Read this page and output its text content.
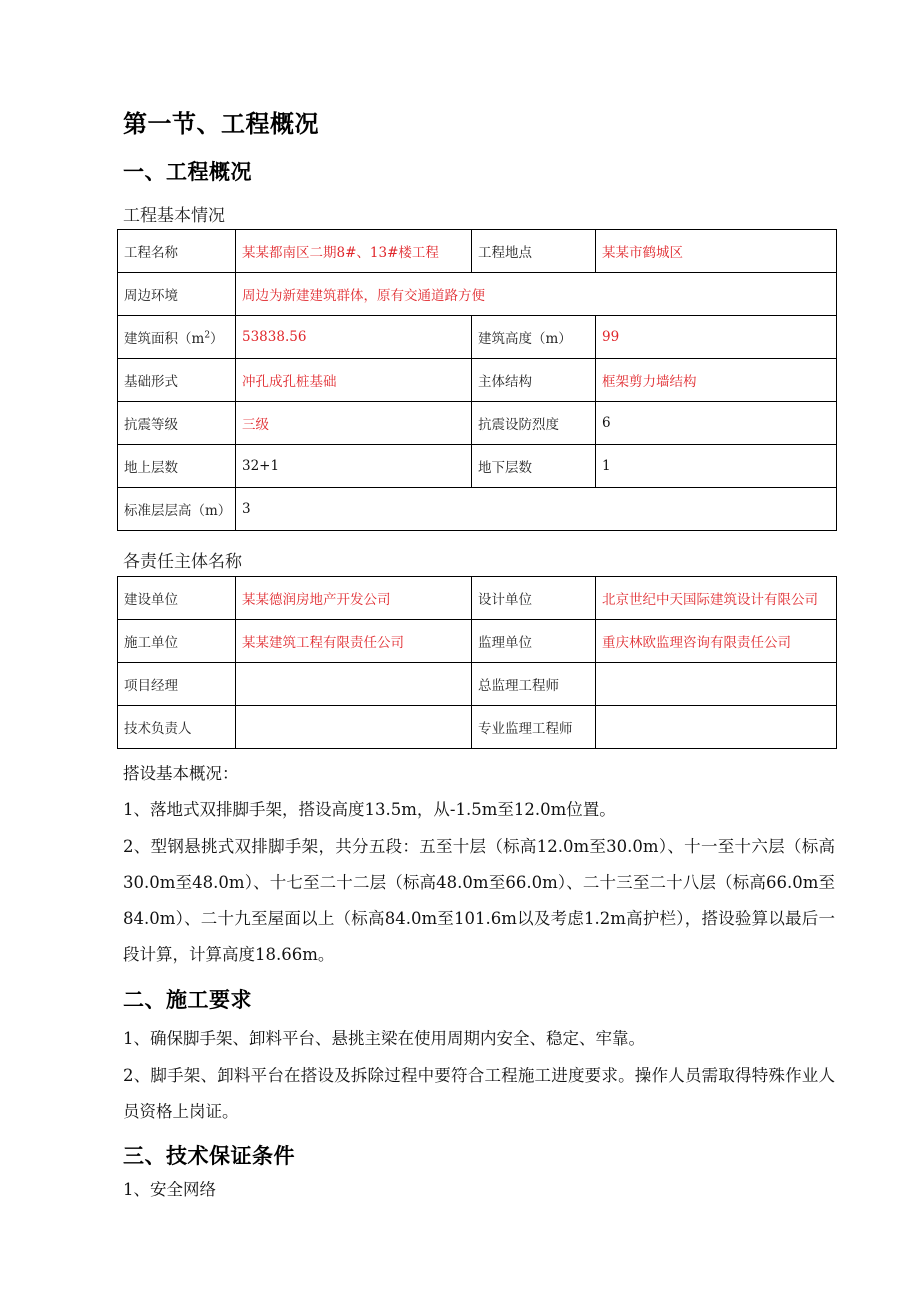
第一节、工程概况
一、工程概况
工程基本情况
工程名称	某某都南区二期8#、13#楼工程	工程地点	某某市鹤城区
周边环境	周边为新建建筑群体，原有交通道路方便		
建筑面积$(m^2)$	53838.56	建筑高度（m）	99
基础形式	冲孔成孔桩基础	主体结构	框架剪力墙结构
抗震等级	三级	抗震设防烈度	6
地上层数	32+1	地下层数	1
标准层层高（m）	3		
各责任主体名称
建设单位	某某德润房地产开发公司	设计单位	北京世纪中天国际建筑设计有限公司
施工单位	某某建筑工程有限责任公司	监理单位	重庆林欧监理咨询有限责任公司
项目经理		总监理工程师	
技术负责人		专业监理工程师	
搭设基本概况：
1、落地式双排脚手架，搭设高度13.5m，从-1.5m至12.0m位置。
2、型钢悬挑式双排脚手架，共分五段：五至十层（标高12.0m至30.0m）、十一至十六层（标高30.0m至48.0m）、十七至二十二层（标高48.0m至66.0m）、二十三至二十八层（标高66.0m至84.0m）、二十九至屋面以上（标高84.0m至101.6m以及考虑1.2m高护栏），搭设验算以最后一段计算，计算高度18.66m。
二、施工要求
1、确保脚手架、卸料平台、悬挑主梁在使用周期内安全、稳定、牢靠。
2、脚手架、卸料平台在搭设及拆除过程中要符合工程施工进度要求。操作人员需取得特殊作业人员资格上岗证。
三、技术保证条件
1、安全网络
